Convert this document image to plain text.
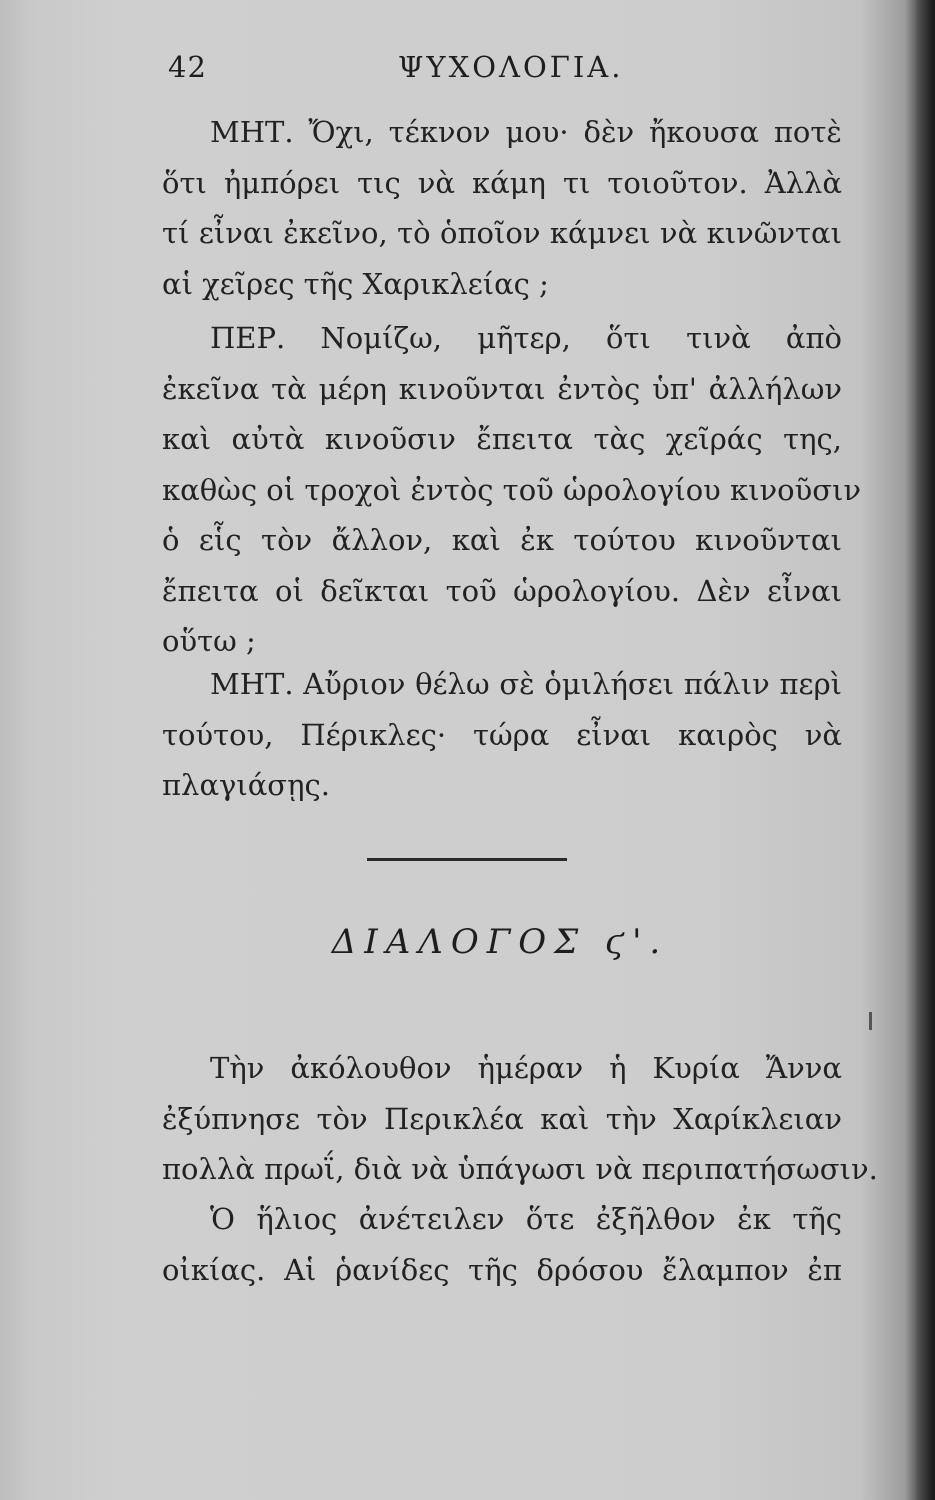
42	ΨΥΧΟΛΟΓΙΑ.
ΜΗΤ. Ὄχι, τέκνον μου· δὲν ἤκουσα ποτὲ
ὅτι ἠμπόρει τις νὰ κάμη τι τοιοῦτον. Ἀλλὰ
τί εἶναι ἐκεῖνο, τὸ ὁποῖον κάμνει νὰ κινῶνται
αἱ χεῖρες τῆς Χαρικλείας ;
ΠΕΡ. Νομίζω, μῆτερ, ὅτι τινὰ ἀπὸ
ἐκεῖνα τὰ μέρη κινοῦνται ἐντὸς ὑπ' ἀλλήλων
καὶ αὐτὰ κινοῦσιν ἔπειτα τὰς χεῖράς της,
καθὼς οἱ τροχοὶ ἐντὸς τοῦ ὡρολογίου κινοῦσιν
ὁ εἷς τὸν ἄλλον, καὶ ἐκ τούτου κινοῦνται
ἔπειτα οἱ δεῖκται τοῦ ὡρολογίου. Δὲν εἶναι
οὕτω ;
ΜΗΤ. Αὔριον θέλω σὲ ὁμιλήσει πάλιν περὶ
τούτου, Πέρικλες· τώρα εἶναι καιρὸς νὰ
πλαγιάσῃς.
ΔΙΑΛΟΓΟΣ ϛ'.
Τὴν ἀκόλουθον ἡμέραν ἡ Κυρία Ἄννα
ἐξύπνησε τὸν Περικλέα καὶ τὴν Χαρίκλειαν
πολλὰ πρωΐ, διὰ νὰ ὑπάγωσι νὰ περιπατήσωσιν.
Ὁ ἥλιος ἀνέτειλεν ὅτε ἐξῆλθον ἐκ τῆς
οἰκίας. Αἱ ῥανίδες τῆς δρόσου ἔλαμπον ἐπ
